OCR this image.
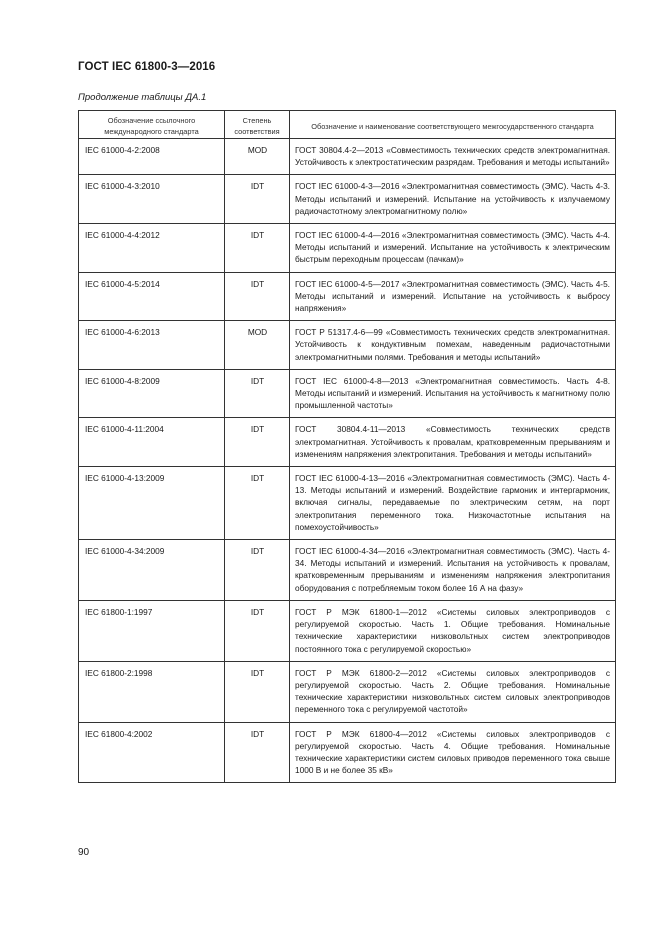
ГОСТ IEC 61800-3—2016
Продолжение таблицы ДА.1
Обозначение ссылочного международного стандарта	Степень соответствия	Обозначение и наименование соответствующего межгосударственного стандарта
IEC 61000-4-2:2008	MOD	ГОСТ 30804.4-2—2013 «Совместимость технических средств электромагнитная. Устойчивость к электростатическим разрядам. Требования и методы испытаний»
IEC 61000-4-3:2010	IDT	ГОСТ IEC 61000-4-3—2016 «Электромагнитная совместимость (ЭМС). Часть 4-3. Методы испытаний и измерений. Испытание на устойчивость к излучаемому радиочастотному электромагнитному полю»
IEC 61000-4-4:2012	IDT	ГОСТ IEC 61000-4-4—2016 «Электромагнитная совместимость (ЭМС). Часть 4-4. Методы испытаний и измерений. Испытание на устойчивость к электрическим быстрым переходным процессам (пачкам)»
IEC 61000-4-5:2014	IDT	ГОСТ IEC 61000-4-5—2017 «Электромагнитная совместимость (ЭМС). Часть 4-5. Методы испытаний и измерений. Испытание на устойчивость к выбросу напряжения»
IEC 61000-4-6:2013	MOD	ГОСТ Р 51317.4-6—99 «Совместимость технических средств электромагнитная. Устойчивость к кондуктивным помехам, наведенным радиочастотными электромагнитными полями. Требования и методы испытаний»
IEC 61000-4-8:2009	IDT	ГОСТ IEC 61000-4-8—2013 «Электромагнитная совместимость. Часть 4-8. Методы испытаний и измерений. Испытания на устойчивость к магнитному полю промышленной частоты»
IEC 61000-4-11:2004	IDT	ГОСТ 30804.4-11—2013 «Совместимость технических средств электромагнитная. Устойчивость к провалам, кратковременным прерываниям и изменениям напряжения электропитания. Требования и методы испытаний»
IEC 61000-4-13:2009	IDT	ГОСТ IEC 61000-4-13—2016 «Электромагнитная совместимость (ЭМС). Часть 4-13. Методы испытаний и измерений. Воздействие гармоник и интергармоник, включая сигналы, передаваемые по электрическим сетям, на порт электропитания переменного тока. Низкочастотные испытания на помехоустойчивость»
IEC 61000-4-34:2009	IDT	ГОСТ IEC 61000-4-34—2016 «Электромагнитная совместимость (ЭМС). Часть 4-34. Методы испытаний и измерений. Испытания на устойчивость к провалам, кратковременным прерываниям и изменениям напряжения электропитания оборудования с потребляемым током более 16 А на фазу»
IEC 61800-1:1997	IDT	ГОСТ Р МЭК 61800-1—2012 «Системы силовых электроприводов с регулируемой скоростью. Часть 1. Общие требования. Номинальные технические характеристики низковольтных систем электроприводов постоянного тока с регулируемой скоростью»
IEC 61800-2:1998	IDT	ГОСТ Р МЭК 61800-2—2012 «Системы силовых электроприводов с регулируемой скоростью. Часть 2. Общие требования. Номинальные технические характеристики низковольтных систем силовых электроприводов переменного тока с регулируемой частотой»
IEC 61800-4:2002	IDT	ГОСТ Р МЭК 61800-4—2012 «Системы силовых электроприводов с регулируемой скоростью. Часть 4. Общие требования. Номинальные технические характеристики систем силовых приводов переменного тока свыше 1000 В и не более 35 кВ»
90
